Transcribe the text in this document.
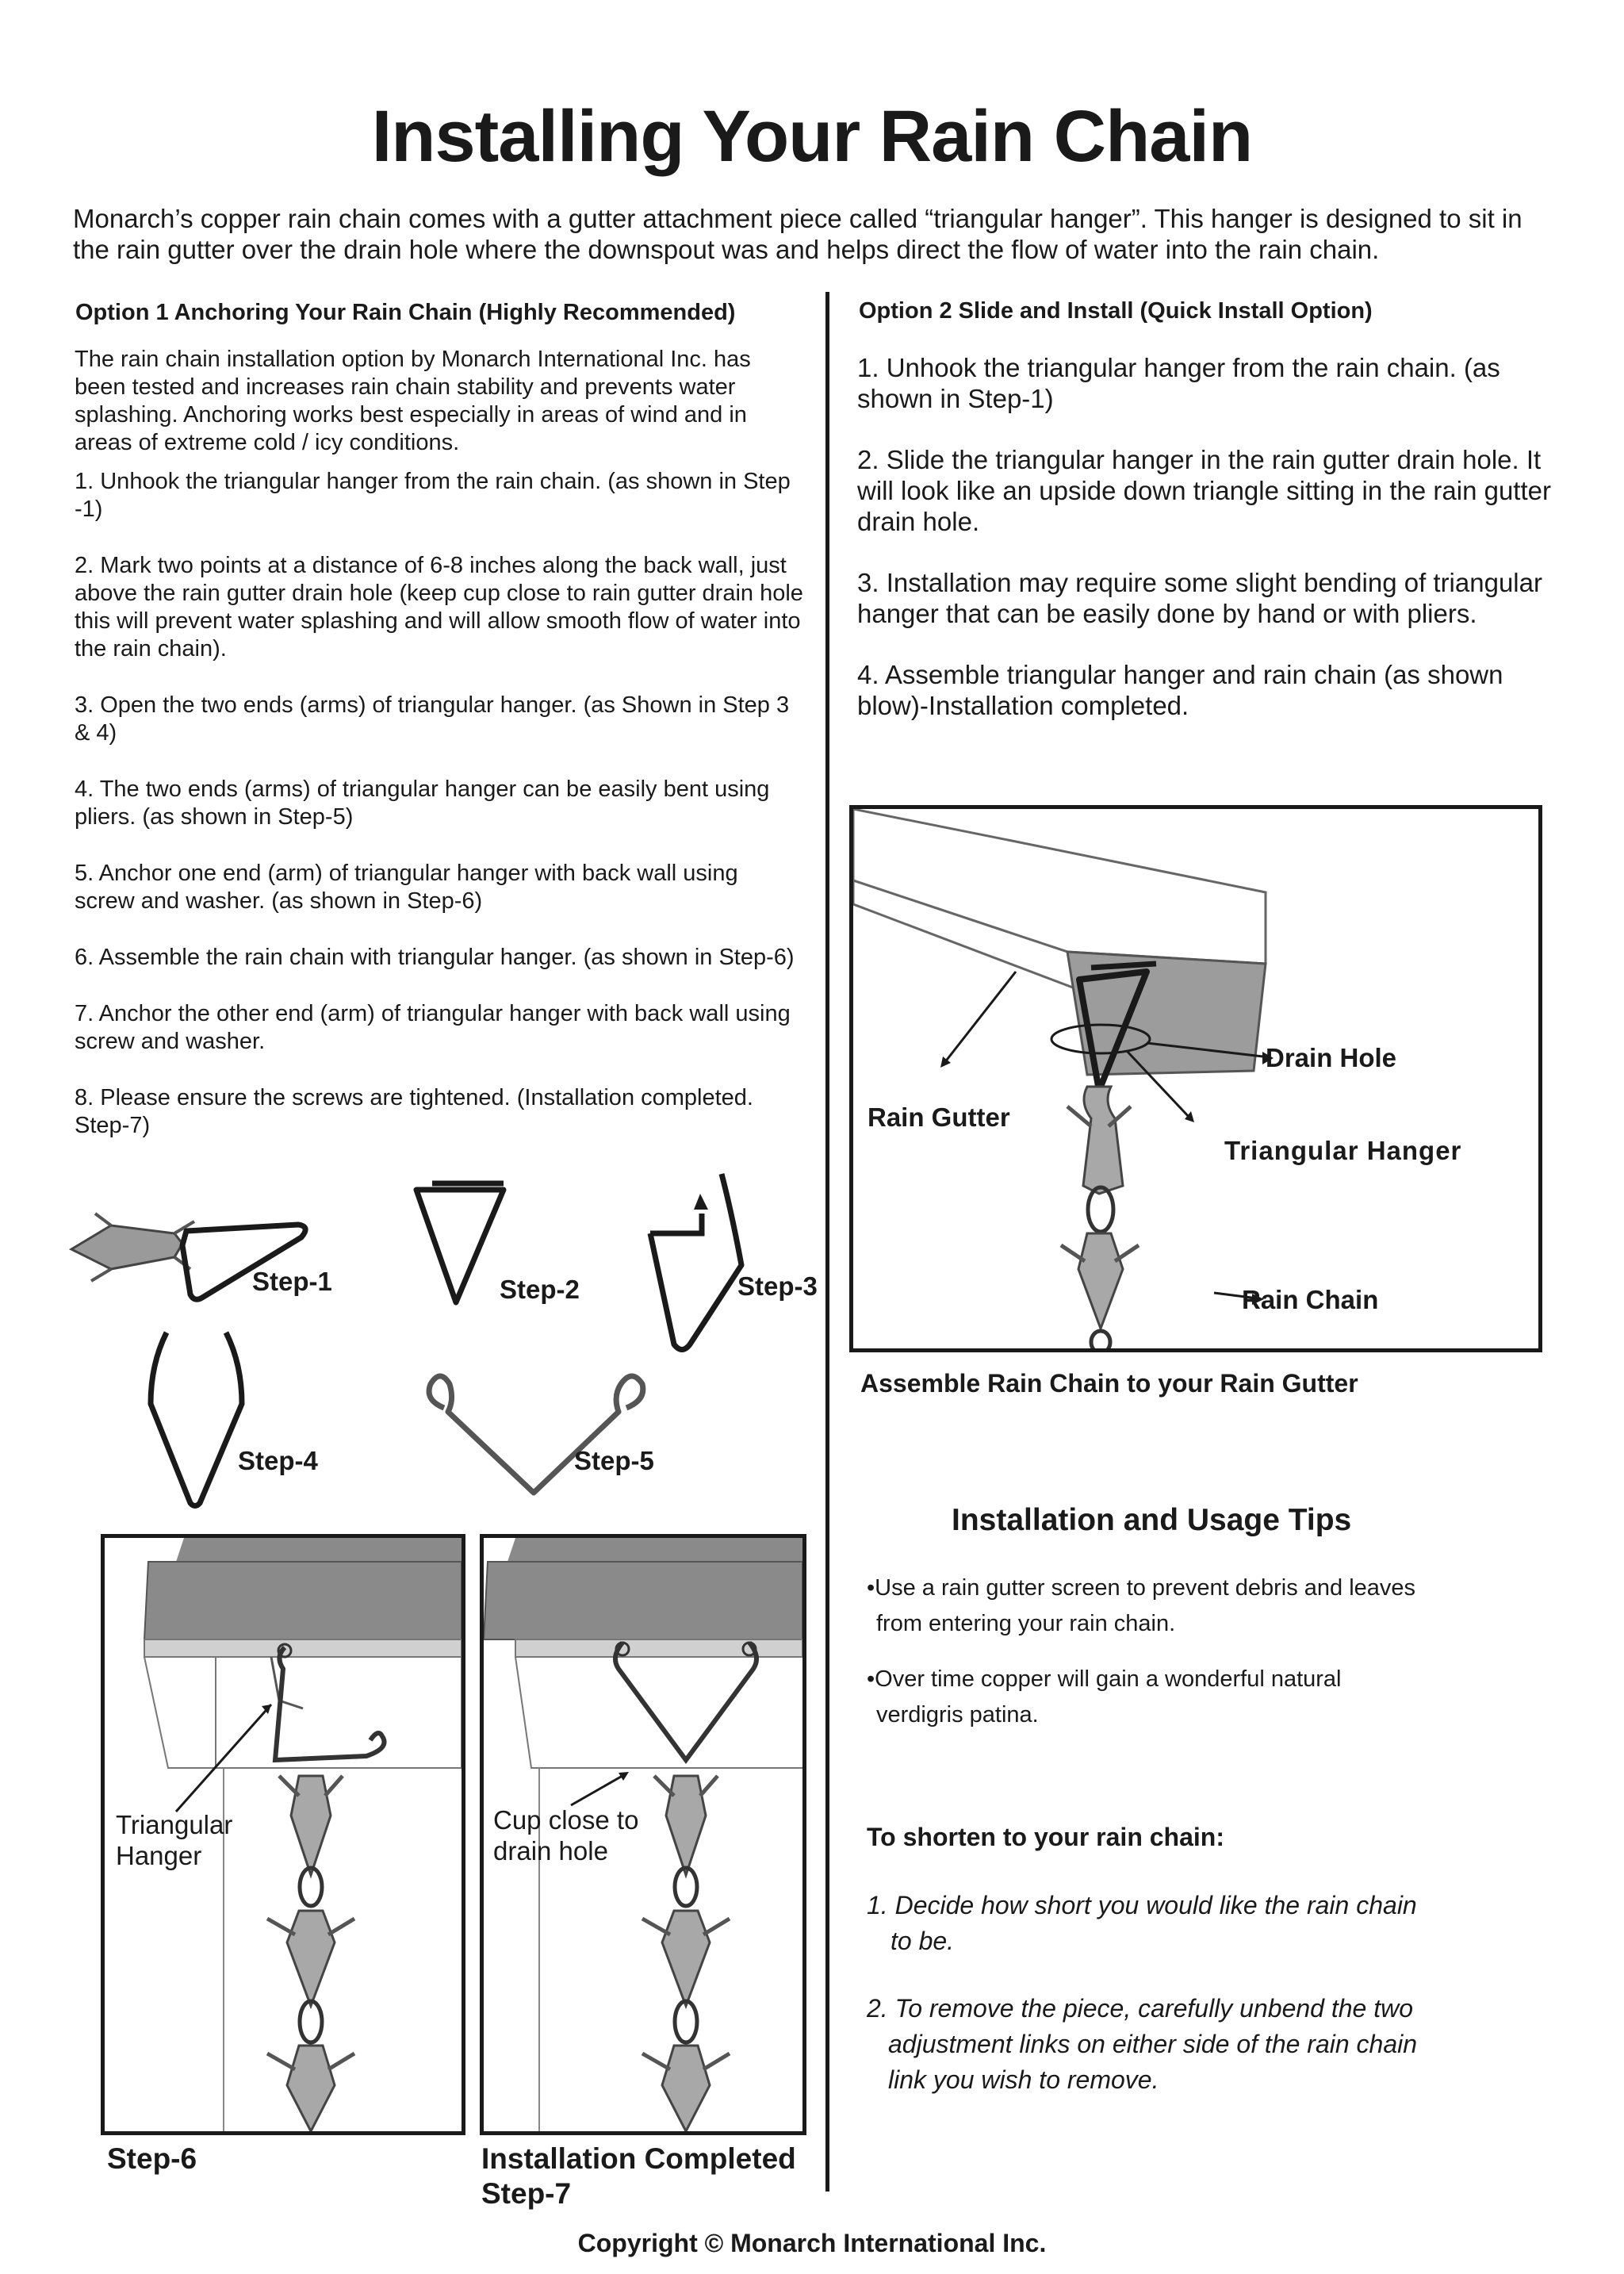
Installing Your Rain Chain
Monarch’s copper rain chain comes with a gutter attachment piece called “triangular hanger”. This hanger is designed to sit in the rain gutter over the drain hole where the downspout was and helps direct the flow of water into the rain chain.
Option 1 Anchoring Your Rain Chain (Highly Recommended)	Option 2 Slide and Install (Quick Install Option)

The rain chain installation option by Monarch International Inc. has been tested and increases rain chain stability and prevents water splashing. Anchoring works best especially in areas of wind and in areas of extreme cold / icy conditions.

1. Unhook the triangular hanger from the rain chain. (as shown in Step -1)

2. Mark two points at a distance of 6-8 inches along the back wall, just above the rain gutter drain hole (keep cup close to rain gutter drain hole this will prevent water splashing and will allow smooth flow of water into the rain chain).

3. Open the two ends (arms) of triangular hanger. (as Shown in Step 3 & 4)

4. The two ends (arms) of triangular hanger can be easily bent using pliers. (as shown in Step-5)

5. Anchor one end (arm) of triangular hanger with back wall using screw and washer. (as shown in Step-6)

6. Assemble the rain chain with triangular hanger. (as shown in Step-6)

7. Anchor the other end (arm) of triangular hanger with back wall using screw and washer.

8. Please ensure the screws are tightened. (Installation completed. Step-7)

1. Unhook the triangular hanger from the rain chain. (as shown in Step-1)

2. Slide the triangular hanger in the rain gutter drain hole. It will look like an upside down triangle sitting in the rain gutter drain hole.

3. Installation may require some slight bending of triangular hanger that can be easily done by hand or with pliers.

4. Assemble triangular hanger and rain chain (as shown blow)-Installation completed.

Step-1	Step-2	Step-3
Step-4	Step-5
Triangular
Hanger
Step-6
Cup close to
drain hole
Installation Completed
Step-7
Drain Hole
Rain Gutter
Triangular Hanger
Rain Chain
Assemble Rain Chain to your Rain Gutter
Installation and Usage Tips
•Use a rain gutter screen to prevent debris and leaves
from entering your rain chain.
•Over time copper will gain a wonderful natural
verdigris patina.
To shorten to your rain chain:
1. Decide how short you would like the rain chain
to be.
2. To remove the piece, carefully unbend the two
adjustment links on either side of the rain chain
link you wish to remove.
Copyright © Monarch International Inc.
